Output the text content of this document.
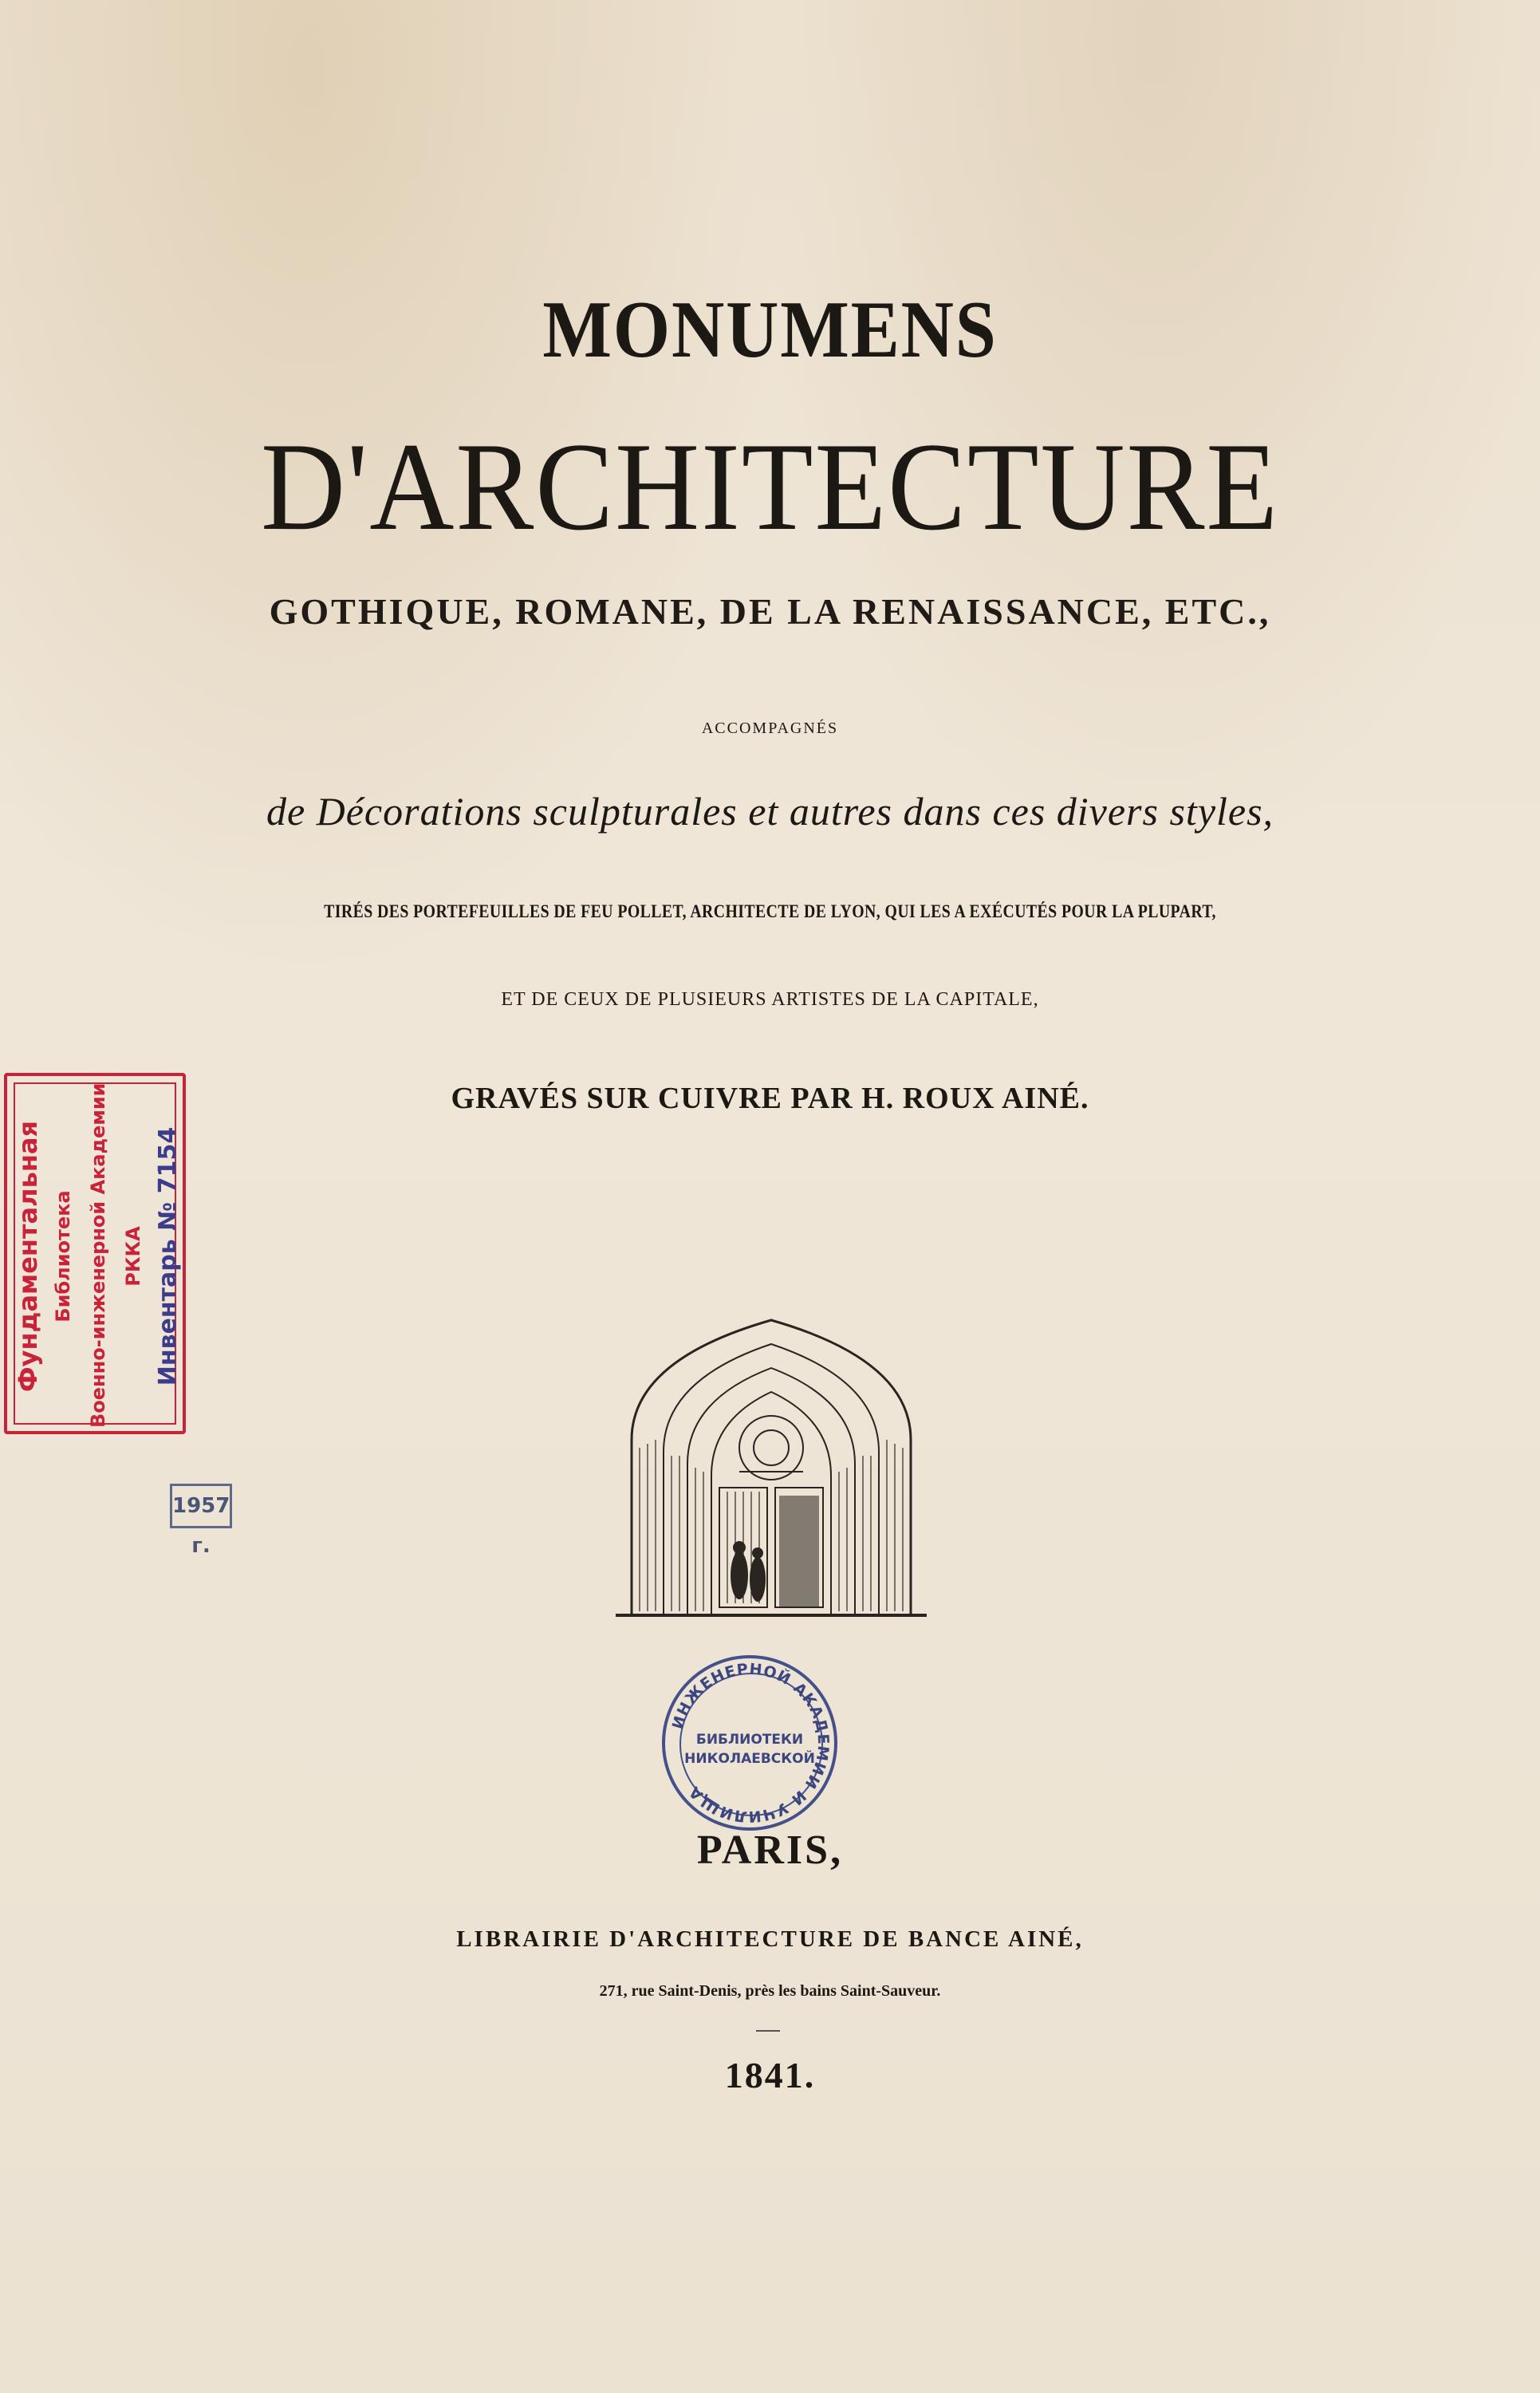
MONUMENS
D'ARCHITECTURE
GOTHIQUE, ROMANE, DE LA RENAISSANCE, ETC.,
ACCOMPAGNÉS
de Décorations sculpturales et autres dans ces divers styles,
TIRÉS DES PORTEFEUILLES DE FEU POLLET, ARCHITECTE DE LYON, QUI LES A EXÉCUTÉS POUR LA PLUPART,
ET DE CEUX DE PLUSIEURS ARTISTES DE LA CAPITALE,
GRAVÉS SUR CUIVRE PAR H. ROUX AINÉ.
PARIS,
LIBRAIRIE D'ARCHITECTURE DE BANCE AINÉ,
271, rue Saint-Denis, près les bains Saint-Sauveur.
1841.
Фундаментальная Библиотека Военно-инженерной Академии РККА Инвентарь № 7154
1957 г.
ИНЖЕНЕРНОЙ АКАДЕМИИ И УЧИЛИЩА
БИБЛИОТЕКИ
НИКОЛАЕВСКОЙ
